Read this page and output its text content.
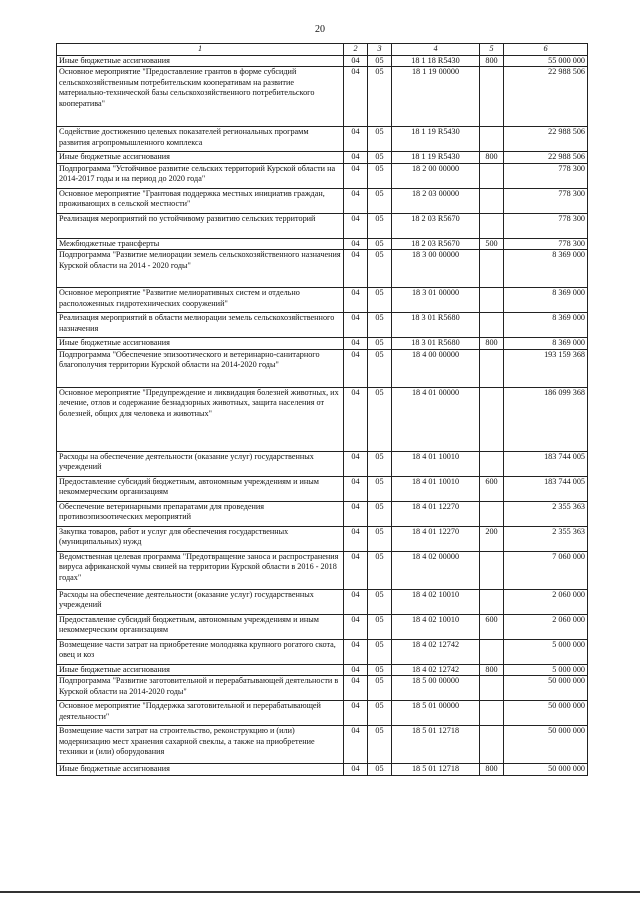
20
1	2	3	4	5	6
Иные бюджетные ассигнования	04	05	18 1 18 R5430	800	55 000 000
Основное мероприятие "Предоставление грантов в форме субсидий сельскохозяйственным потребительским кооперативам на развитие материально-технической базы сельскохозяйственного потребительского кооператива"	04	05	18 1 19 00000		22 988 506
Содействие достижению целевых показателей региональных программ развития агропромышленного комплекса	04	05	18 1 19 R5430		22 988 506
Иные бюджетные ассигнования	04	05	18 1 19 R5430	800	22 988 506
Подпрограмма "Устойчивое развитие сельских территорий Курской области на 2014-2017 годы и на период до 2020 года"	04	05	18 2 00 00000		778 300
Основное мероприятие "Грантовая поддержка местных инициатив граждан, проживающих в сельской местности"	04	05	18 2 03 00000		778 300
Реализация мероприятий по устойчивому развитию сельских территорий	04	05	18 2 03 R5670		778 300
Межбюджетные трансферты	04	05	18 2 03 R5670	500	778 300
Подпрограмма "Развитие мелиорации земель сельскохозяйственного назначения Курской области на 2014 - 2020 годы"	04	05	18 3 00 00000		8 369 000
Основное мероприятие "Развитие мелиоративных систем и отдельно расположенных гидротехнических сооружений"	04	05	18 3 01 00000		8 369 000
Реализация мероприятий в области мелиорации земель сельскохозяйственного назначения	04	05	18 3 01 R5680		8 369 000
Иные бюджетные ассигнования	04	05	18 3 01 R5680	800	8 369 000
Подпрограмма "Обеспечение эпизоотического и ветеринарно-санитарного благополучия территории Курской области на 2014-2020 годы"	04	05	18 4 00 00000		193 159 368
Основное мероприятие "Предупреждение и ликвидация болезней животных, их лечение, отлов и содержание безнадзорных животных, защита населения от болезней, общих для человека и животных"	04	05	18 4 01 00000		186 099 368
Расходы на обеспечение деятельности (оказание услуг) государственных учреждений	04	05	18 4 01 10010		183 744 005
Предоставление субсидий бюджетным, автономным учреждениям и иным некоммерческим организациям	04	05	18 4 01 10010	600	183 744 005
Обеспечение ветеринарными препаратами для проведения противоэпизоотических мероприятий	04	05	18 4 01 12270		2 355 363
Закупка товаров, работ и услуг для обеспечения государственных (муниципальных) нужд	04	05	18 4 01 12270	200	2 355 363
Ведомственная целевая программа "Предотвращение заноса и распространения вируса африканской чумы свиней на территории Курской области в 2016 - 2018 годах"	04	05	18 4 02 00000		7 060 000
Расходы на обеспечение деятельности (оказание услуг) государственных учреждений	04	05	18 4 02 10010		2 060 000
Предоставление субсидий бюджетным, автономным учреждениям и иным некоммерческим организациям	04	05	18 4 02 10010	600	2 060 000
Возмещение части затрат на приобретение молодняка крупного рогатого скота, овец и коз	04	05	18 4 02 12742		5 000 000
Иные бюджетные ассигнования	04	05	18 4 02 12742	800	5 000 000
Подпрограмма "Развитие заготовительной и перерабатывающей деятельности в Курской области на 2014-2020 годы"	04	05	18 5 00 00000		50 000 000
Основное мероприятие "Поддержка заготовительной и перерабатывающей деятельности"	04	05	18 5 01 00000		50 000 000
Возмещение части затрат на строительство, реконструкцию и (или) модернизацию мест хранения сахарной свеклы, а также на приобретение техники и (или) оборудования	04	05	18 5 01 12718		50 000 000
Иные бюджетные ассигнования	04	05	18 5 01 12718	800	50 000 000
